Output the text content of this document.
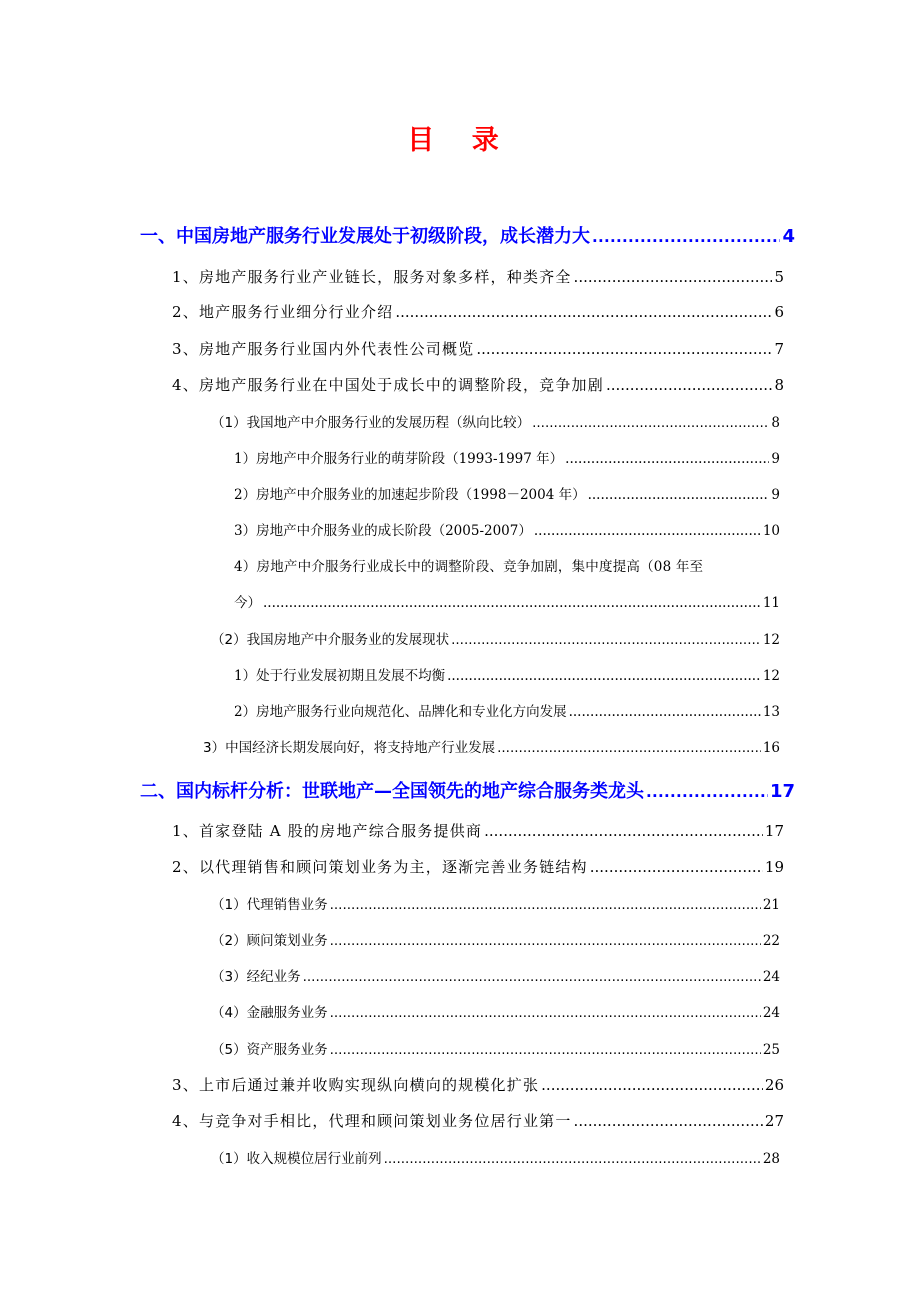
目 录
一、中国房地产服务行业发展处于初级阶段，成长潜力大 .....	4
1、房地产服务行业产业链长，服务对象多样，种类齐全 .....	5
2、地产服务行业细分行业介绍 .....	6
3、房地产服务行业国内外代表性公司概览 .....	7
4、房地产服务行业在中国处于成长中的调整阶段，竞争加剧 .....	8
（1）我国地产中介服务行业的发展历程（纵向比较） .....	8
1）房地产中介服务行业的萌芽阶段（1993-1997 年） .....	9
2）房地产中介服务业的加速起步阶段（1998－2004 年） .....	9
3）房地产中介服务业的成长阶段（2005-2007） .....	10
4）房地产中介服务行业成长中的调整阶段、竞争加剧，集中度提高（08 年至
今） .....	11
（2）我国房地产中介服务业的发展现状 .....	12
1）处于行业发展初期且发展不均衡 .....	12
2）房地产服务行业向规范化、品牌化和专业化方向发展 .....	13
3）中国经济长期发展向好，将支持地产行业发展 .....	16
二、国内标杆分析：世联地产—全国领先的地产综合服务类龙头 .....	17
1、首家登陆 A 股的房地产综合服务提供商 .....	17
2、以代理销售和顾问策划业务为主，逐渐完善业务链结构 .....	19
（1）代理销售业务 .....	21
（2）顾问策划业务 .....	22
（3）经纪业务 .....	24
（4）金融服务业务 .....	24
（5）资产服务业务 .....	25
3、上市后通过兼并收购实现纵向横向的规模化扩张 .....	26
4、与竞争对手相比，代理和顾问策划业务位居行业第一 .....	27
（1）收入规模位居行业前列 .....	28
